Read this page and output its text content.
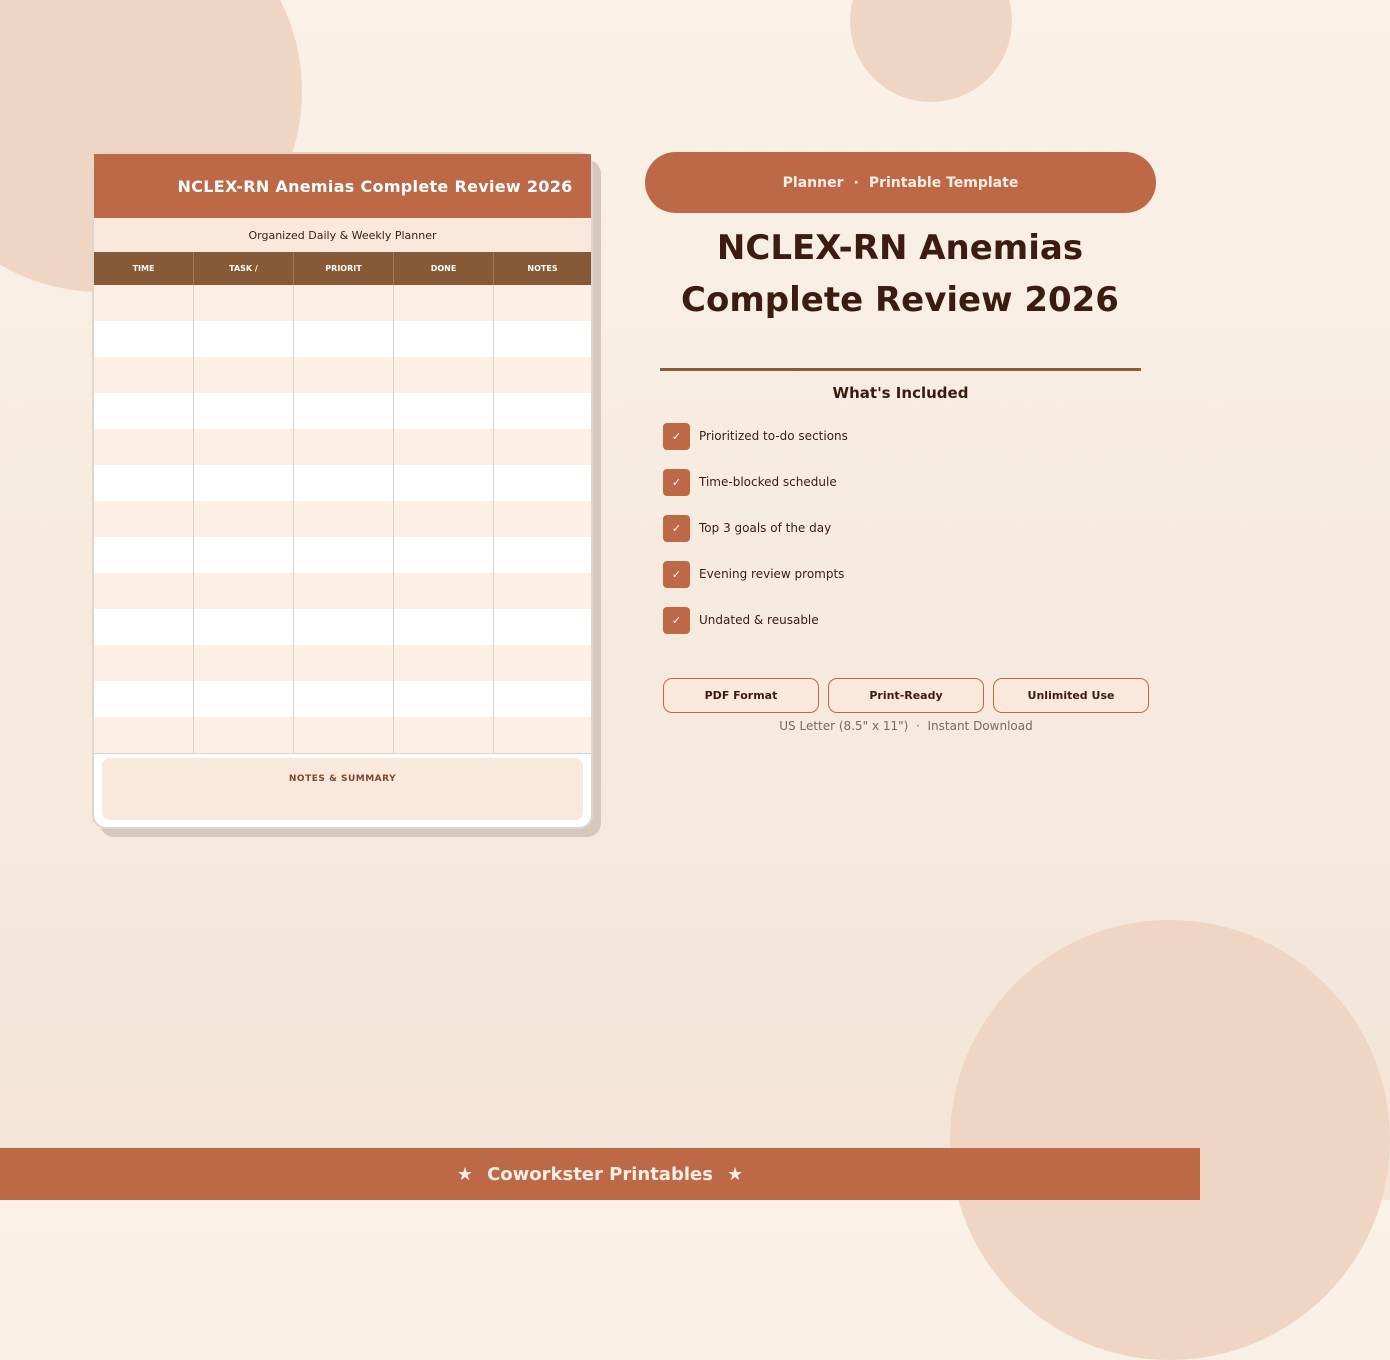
NCLEX-RN Anemias Complete Review 2026
Organized Daily & Weekly Planner
TIME	TASK /	PRIORIT	DONE	NOTES
NOTES & SUMMARY
Planner · Printable Template
NCLEX-RN Anemias
Complete Review 2026
What's Included
✓	Prioritized to-do sections
✓	Time-blocked schedule
✓	Top 3 goals of the day
✓	Evening review prompts
✓	Undated & reusable
PDF Format	Print-Ready	Unlimited Use
US Letter (8.5" x 11") · Instant Download
★ Coworkster Printables ★
